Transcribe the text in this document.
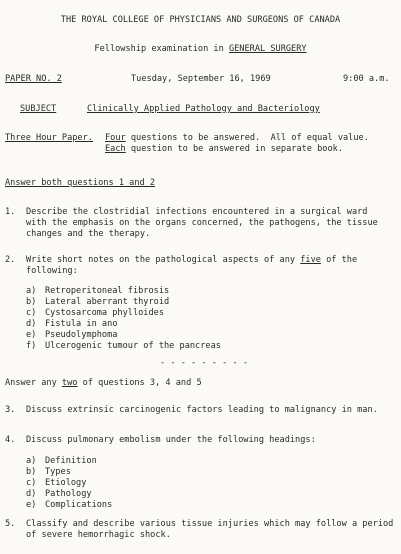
THE ROYAL COLLEGE OF PHYSICIANS AND SURGEONS OF CANADA
Fellowship examination in GENERAL SURGERY
PAPER NO. 2	Tuesday, September 16, 1969	9:00 a.m.
SUBJECT	Clinically Applied Pathology and Bacteriology
Three Hour Paper. Four questions to be answered.  All of equal value.
Each question to be answered in separate book.
Answer both questions 1 and 2
1. Describe the clostridial infections encountered in a surgical ward
with the emphasis on the organs concerned, the pathogens, the tissue
changes and the therapy.
2. Write short notes on the pathological aspects of any five of the
following:
a) Retroperitoneal fibrosis
b) Lateral aberrant thyroid
c) Cystosarcoma phylloides
d) Fistula in ano
e) Pseudolymphoma
f) Ulcerogenic tumour of the pancreas
- - - - - - - - -
Answer any two of questions 3, 4 and 5
3. Discuss extrinsic carcinogenic factors leading to malignancy in man.
4. Discuss pulmonary embolism under the following headings:
a) Definition
b) Types
c) Etiology
d) Pathology
e) Complications
5. Classify and describe various tissue injuries which may follow a period
of severe hemorrhagic shock.
